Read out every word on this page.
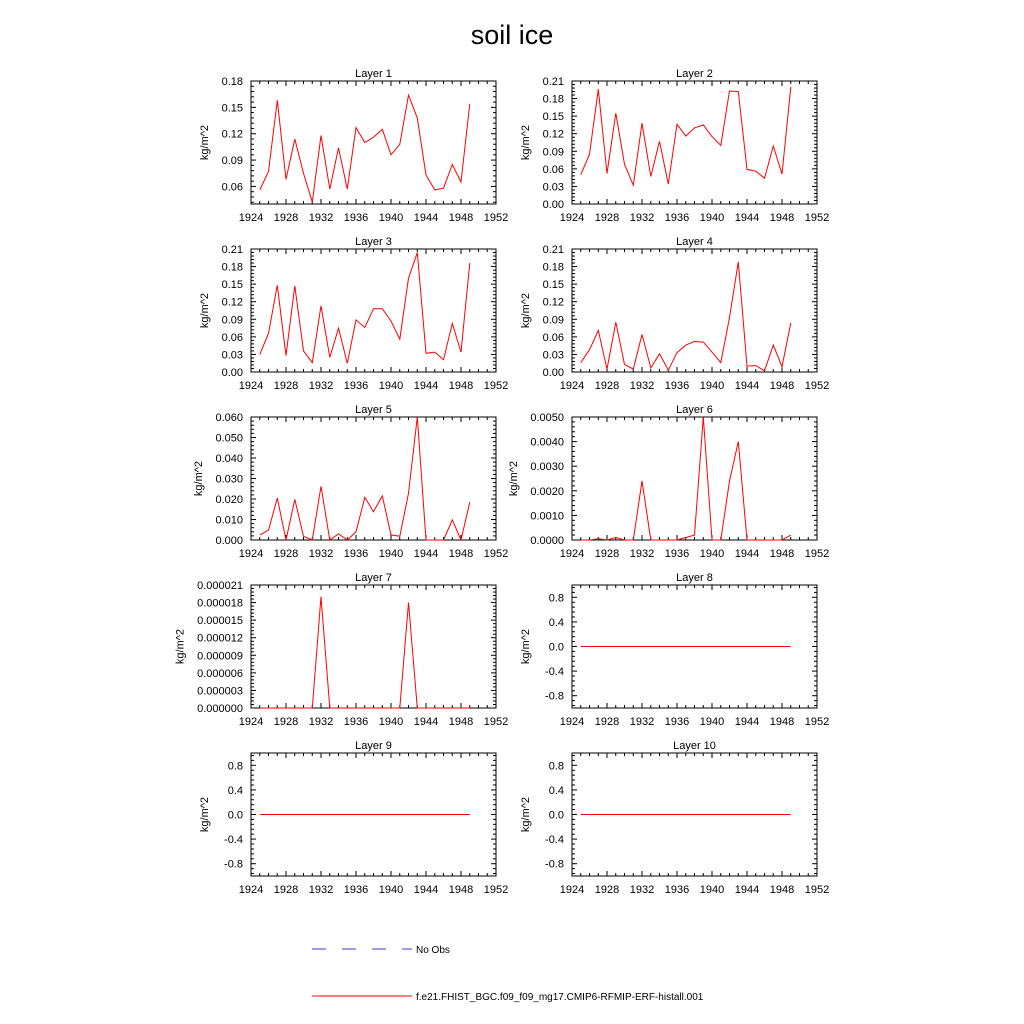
soil ice
Layer 1
1924 1928 1932 1936 1940 1944 1948 1952
0.06
0.09
0.12
0.15
0.18
kg/m^2
Layer 2
1924 1928 1932 1936 1940 1944 1948 1952
0.00
0.03
0.06
0.09
0.12
0.15
0.18
0.21
kg/m^2
Layer 3
1924 1928 1932 1936 1940 1944 1948 1952
0.00
0.03
0.06
0.09
0.12
0.15
0.18
0.21
kg/m^2
Layer 4
1924 1928 1932 1936 1940 1944 1948 1952
0.00
0.03
0.06
0.09
0.12
0.15
0.18
0.21
kg/m^2
Layer 5
1924 1928 1932 1936 1940 1944 1948 1952
0.000
0.010
0.020
0.030
0.040
0.050
0.060
kg/m^2
Layer 6
1924 1928 1932 1936 1940 1944 1948 1952
0.0000
0.0010
0.0020
0.0030
0.0040
0.0050
kg/m^2
Layer 7
1924 1928 1932 1936 1940 1944 1948 1952
0.000000
0.000003
0.000006
0.000009
0.000012
0.000015
0.000018
0.000021
kg/m^2
Layer 8
1924 1928 1932 1936 1940 1944 1948 1952
-0.8
-0.4
0.0
0.4
0.8
kg/m^2
Layer 9
1924 1928 1932 1936 1940 1944 1948 1952
-0.8
-0.4
0.0
0.4
0.8
kg/m^2
Layer 10
1924 1928 1932 1936 1940 1944 1948 1952
-0.8
-0.4
0.0
0.4
0.8
kg/m^2
No Obs
f.e21.FHIST_BGC.f09_f09_mg17.CMIP6-RFMIP-ERF-histall.001
